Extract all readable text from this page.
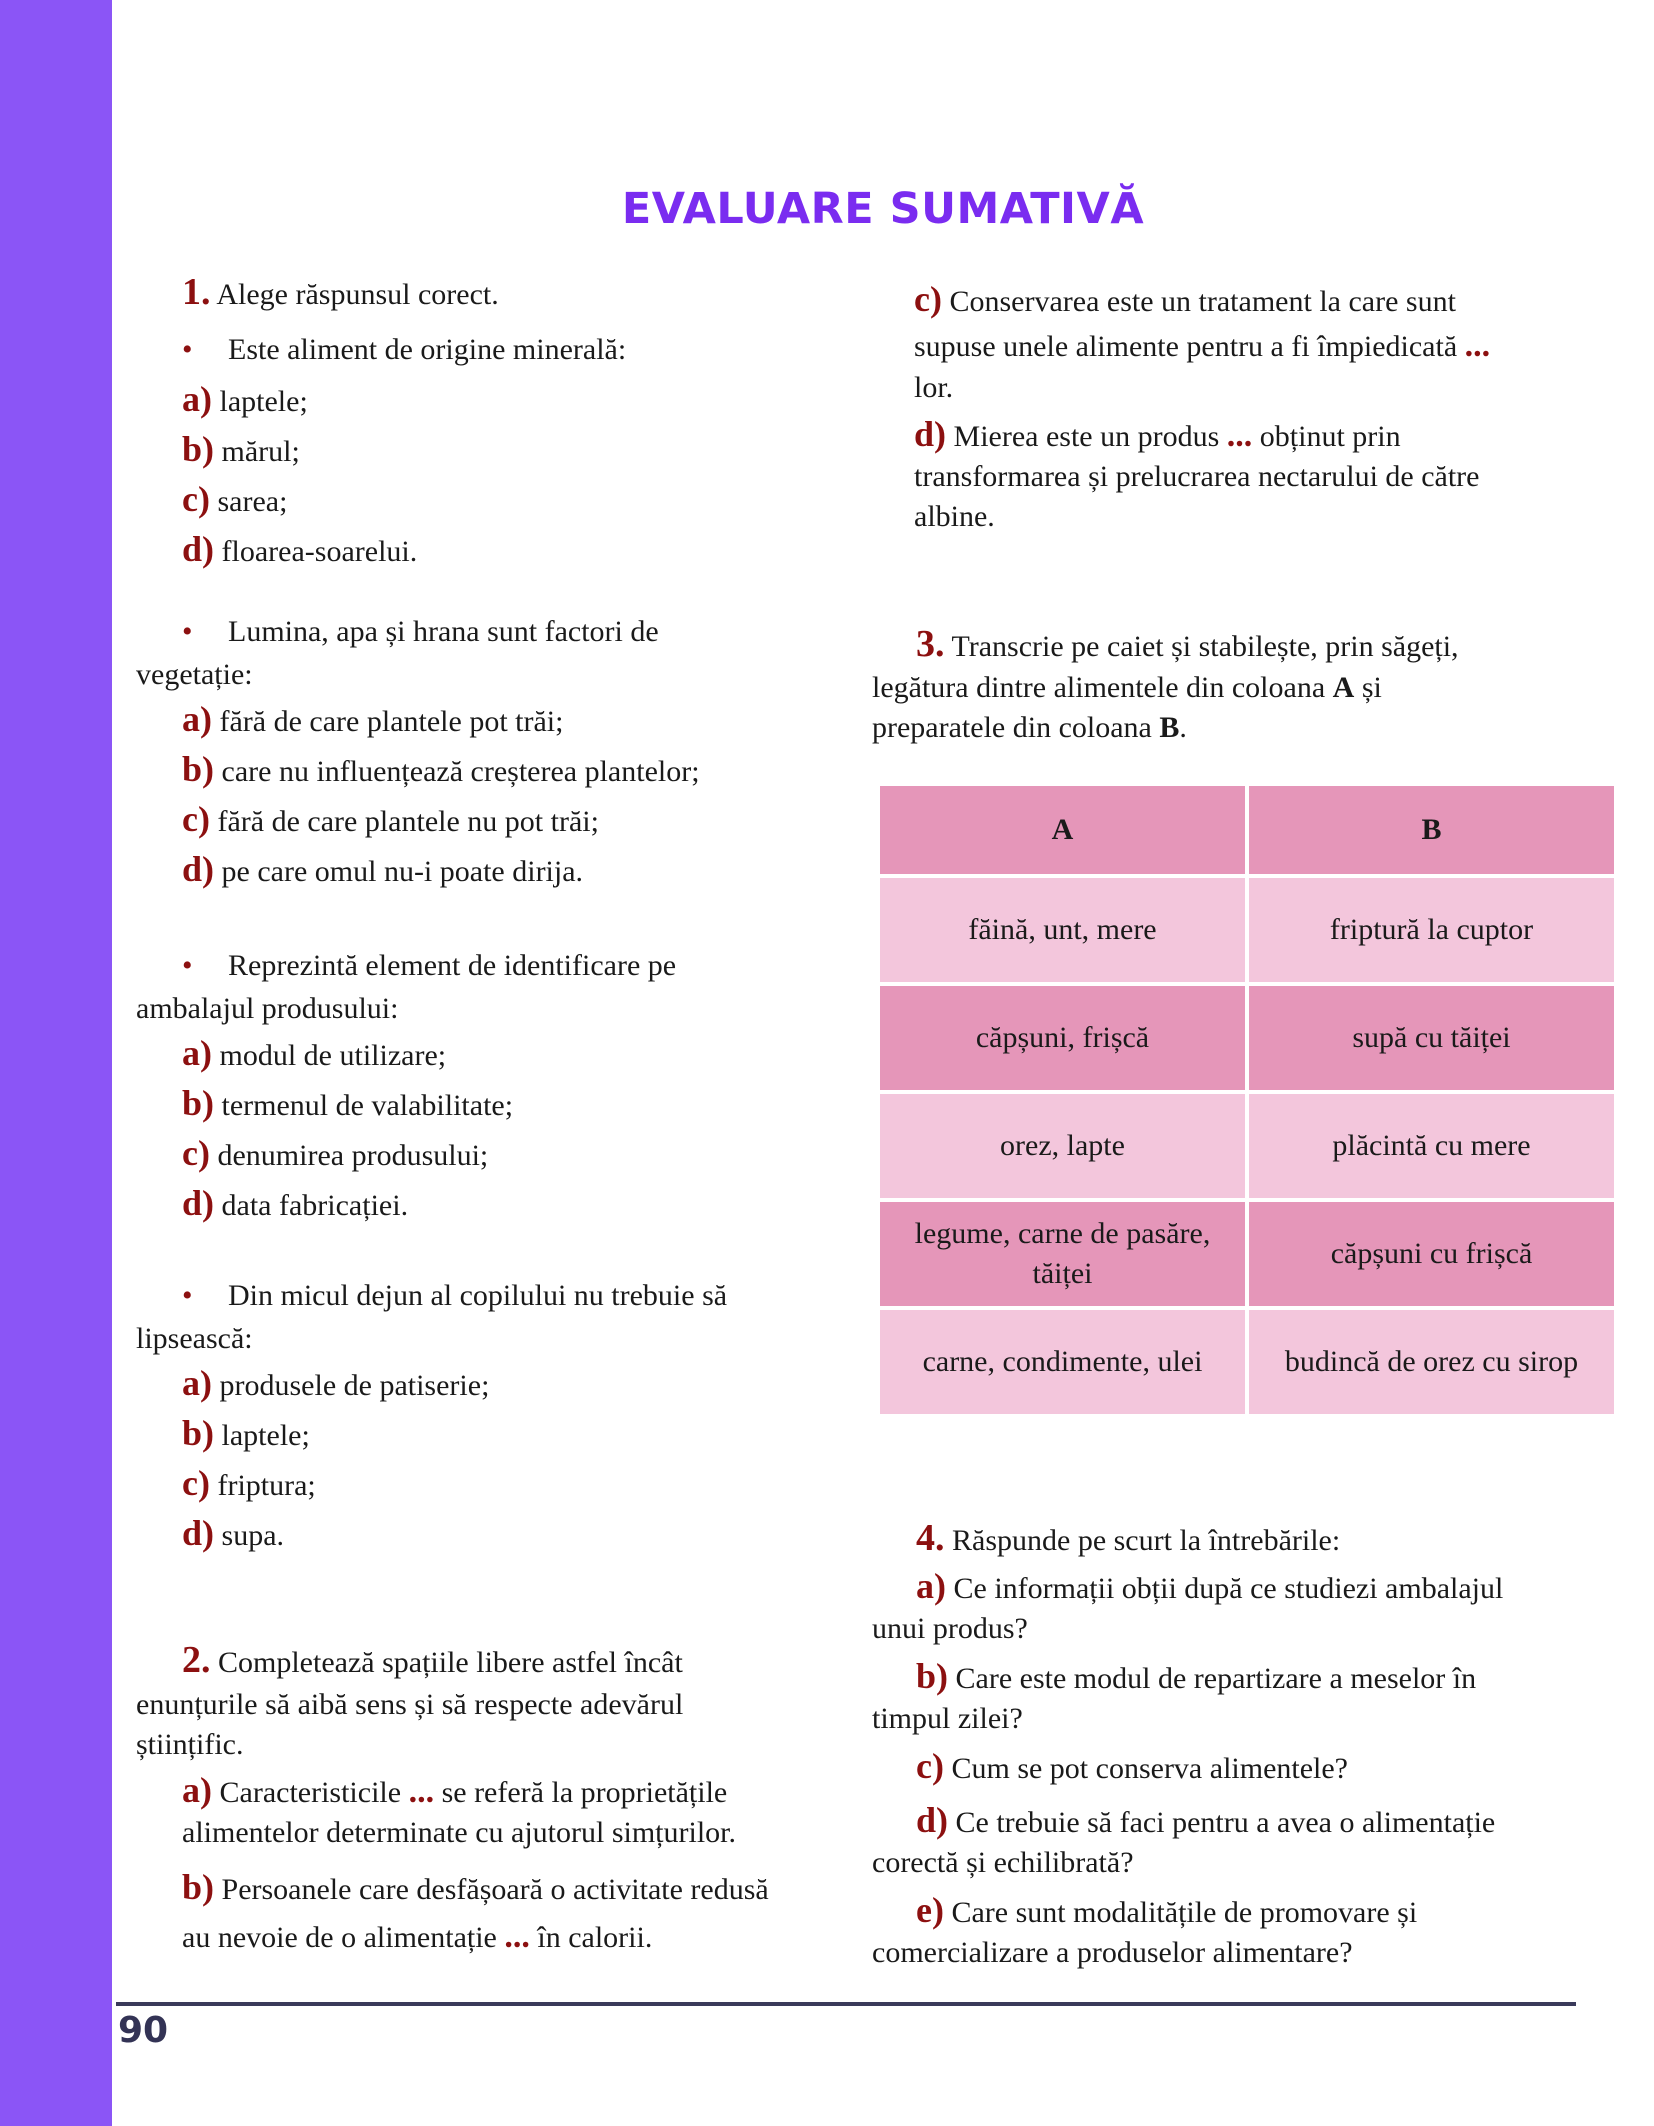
EVALUARE SUMATIVĂ
1. Alege răspunsul corect.
• Este aliment de origine minerală:
a) laptele;
b) mărul;
c) sarea;
d) floarea-soarelui.
• Lumina, apa și hrana sunt factori de
vegetație:
a) fără de care plantele pot trăi;
b) care nu influențează creșterea plantelor;
c) fără de care plantele nu pot trăi;
d) pe care omul nu-i poate dirija.
• Reprezintă element de identificare pe
ambalajul produsului:
a) modul de utilizare;
b) termenul de valabilitate;
c) denumirea produsului;
d) data fabricației.
• Din micul dejun al copilului nu trebuie să
lipsească:
a) produsele de patiserie;
b) laptele;
c) friptura;
d) supa.
2. Completează spațiile libere astfel încât
enunțurile să aibă sens și să respecte adevărul
științific.
a) Caracteristicile ... se referă la proprietățile
alimentelor determinate cu ajutorul simțurilor.
b) Persoanele care desfășoară o activitate redusă
au nevoie de o alimentație ... în calorii.
c) Conservarea este un tratament la care sunt
supuse unele alimente pentru a fi împiedicată ...
lor.
d) Mierea este un produs ... obținut prin
transformarea și prelucrarea nectarului de către
albine.
3. Transcrie pe caiet și stabilește, prin săgeți,
legătura dintre alimentele din coloana A și
preparatele din coloana B.
A	B
făină, unt, mere	friptură la cuptor
căpșuni, frișcă	supă cu tăiței
orez, lapte	plăcintă cu mere
legume, carne de pasăre, tăiței	căpșuni cu frișcă
carne, condimente, ulei	budincă de orez cu sirop
4. Răspunde pe scurt la întrebările:
a) Ce informații obții după ce studiezi ambalajul
unui produs?
b) Care este modul de repartizare a meselor în
timpul zilei?
c) Cum se pot conserva alimentele?
d) Ce trebuie să faci pentru a avea o alimentație
corectă și echilibrată?
e) Care sunt modalitățile de promovare și
comercializare a produselor alimentare?
90
